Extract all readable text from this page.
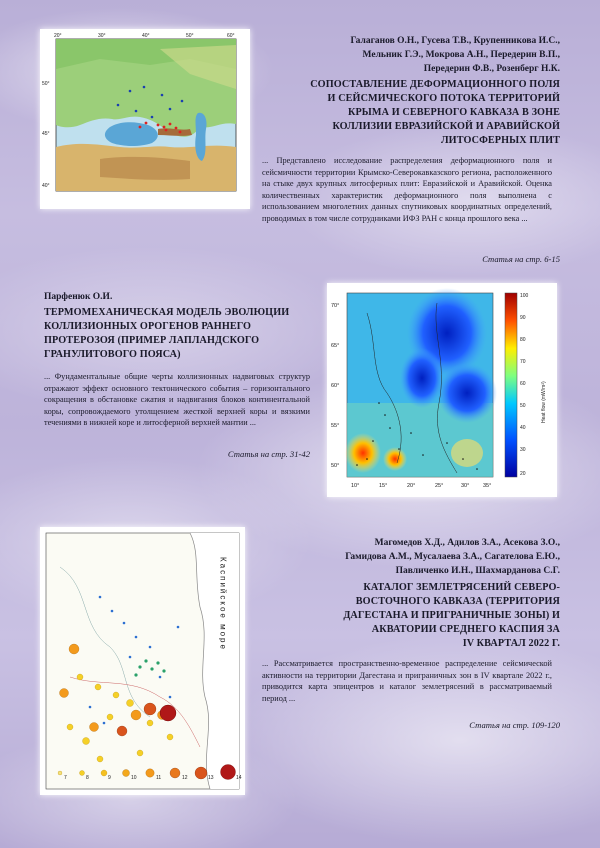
20°	30°	40°	50°	60°
50°
45°
40°
Галаганов О.Н., Гусева Т.В., Крупенникова И.С.,
Мельник Г.Э., Мокрова А.Н., Передерин В.П.,
Передерин Ф.В., Розенберг Н.К.
СОПОСТАВЛЕНИЕ ДЕФОРМАЦИОННОГО ПОЛЯ
И СЕЙСМИЧЕСКОГО ПОТОКА ТЕРРИТОРИЙ
КРЫМА И СЕВЕРНОГО КАВКАЗА В ЗОНЕ
КОЛЛИЗИИ ЕВРАЗИЙСКОЙ И АРАВИЙСКОЙ
ЛИТОСФЕРНЫХ ПЛИТ
... Представлено исследование распределения деформационного поля и сейсмичности территории Крымско-Северокавказского региона, расположенного на стыке двух крупных литосферных плит: Евразийской и Аравийской. Оценка количественных характеристик деформационного поля выполнена с использованием многолетних данных спутниковых координатных определений, проводимых в том числе сотрудниками ИФЗ РАН с конца прошлого века ...
Статья на стр. 6-15
Парфенюк О.И.
ТЕРМОМЕХАНИЧЕСКАЯ МОДЕЛЬ ЭВОЛЮЦИИ
КОЛЛИЗИОННЫХ ОРОГЕНОВ РАННЕГО
ПРОТЕРОЗОЯ (ПРИМЕР ЛАПЛАНДСКОГО
ГРАНУЛИТОВОГО ПОЯСА)
... Фундаментальные общие черты коллизионных надвиговых структур отражают эффект основного тектонического события – горизонтального сокращения в обстановке сжатия и надвигания блоков континентальной коры, сопровождаемого утолщением жесткой верхней коры и вязкими течениями в нижней коре и литосферной верхней мантии ...
Статья на стр. 31-42
70°
65°
60°
55°
50°
10°	15°	20°	25°	30° 35°
100
90
80
70
60
50
40
30
20
Heat flow (mW/m²)
Каспийское море
7	8	9	10	11	12	13	14
Магомедов Х.Д., Адилов З.А., Асекова З.О.,
Гамидова А.М., Мусалаева З.А., Сагателова Е.Ю.,
Павличенко И.Н., Шахмарданова С.Г.
КАТАЛОГ ЗЕМЛЕТРЯСЕНИЙ СЕВЕРО-
ВОСТОЧНОГО КАВКАЗА (ТЕРРИТОРИЯ
ДАГЕСТАНА И ПРИГРАНИЧНЫЕ ЗОНЫ) И
АКВАТОРИИ СРЕДНЕГО КАСПИЯ ЗА
IV КВАРТАЛ 2022 Г.
... Рассматривается пространственно-временное распределение сейсмической активности на территории Дагестана и приграничных зон в IV квартале 2022 г., приводится карта эпицентров и каталог землетрясений в рассматриваемый период ...
Статья на стр. 109-120
